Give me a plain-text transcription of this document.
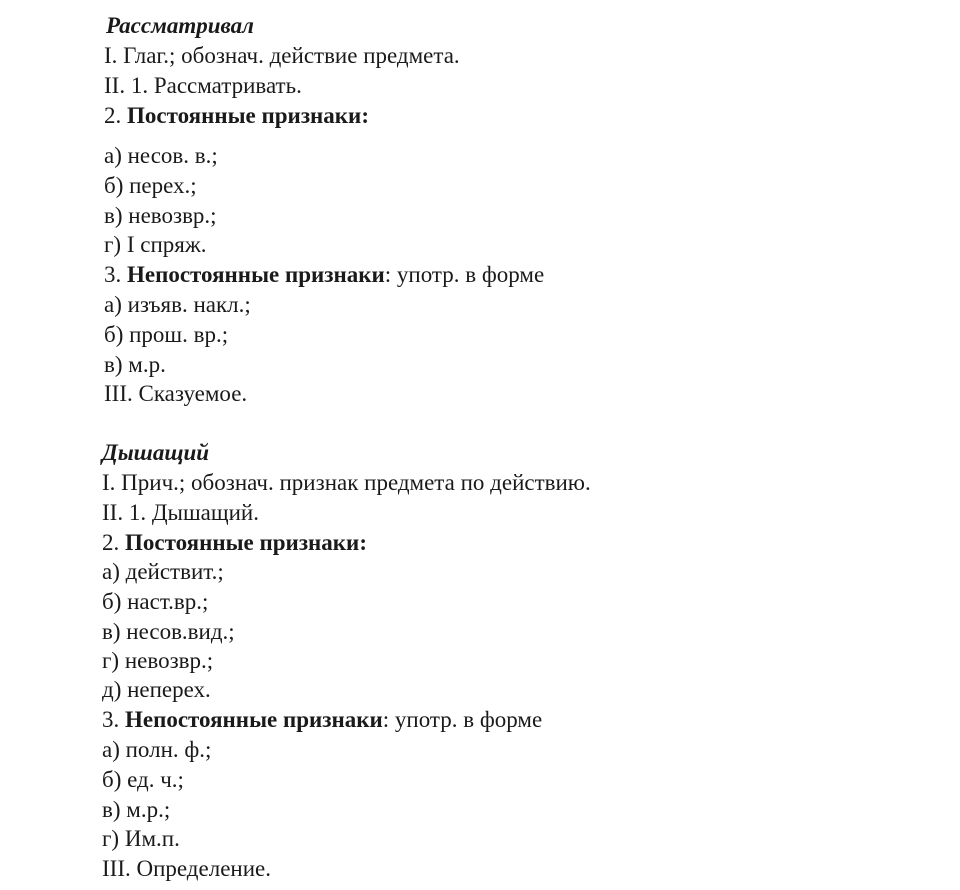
Рассматривал
I. Глаг.; обознач. действие предмета.
II. 1. Рассматривать.
2. Постоянные признаки:
а) несов. в.;
б) перех.;
в) невозвр.;
г) I спряж.
3. Непостоянные признаки: употр. в форме
а) изъяв. накл.;
б) прош. вр.;
в) м.р.
III. Сказуемое.
Дышащий
I. Прич.; обознач. признак предмета по действию.
II. 1. Дышащий.
2. Постоянные признаки:
а) действит.;
б) наст.вр.;
в) несов.вид.;
г) невозвр.;
д) неперех.
3. Непостоянные признаки: употр. в форме
а) полн. ф.;
б) ед. ч.;
в) м.р.;
г) Им.п.
III. Определение.
